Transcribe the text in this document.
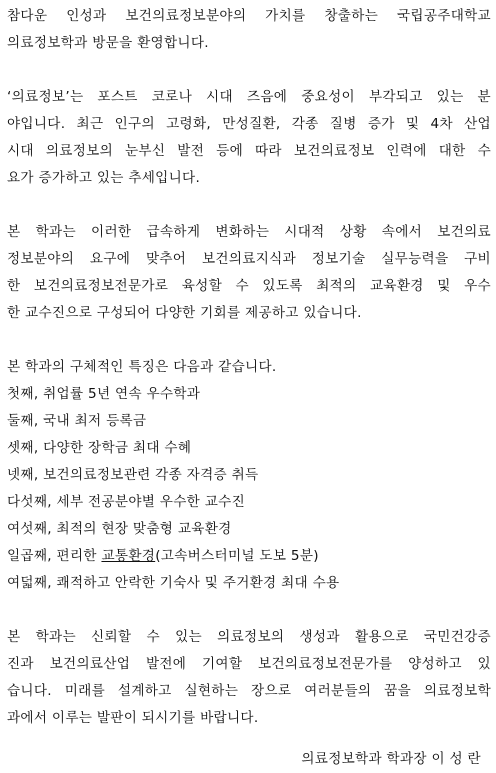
참다운 인성과 보건의료정보분야의 가치를 창출하는 국립공주대학교
의료정보학과 방문을 환영합니다.
‘의료정보’는 포스트 코로나 시대 즈음에 중요성이 부각되고 있는 분
야입니다. 최근 인구의 고령화, 만성질환, 각종 질병 증가 및 4차 산업
시대 의료정보의 눈부신 발전 등에 따라 보건의료정보 인력에 대한 수
요가 증가하고 있는 추세입니다.
본 학과는 이러한 급속하게 변화하는 시대적 상황 속에서 보건의료
정보분야의 요구에 맞추어 보건의료지식과 정보기술 실무능력을 구비
한 보건의료정보전문가로 육성할 수 있도록 최적의 교육환경 및 우수
한 교수진으로 구성되어 다양한 기회를 제공하고 있습니다.
본 학과의 구체적인 특징은 다음과 같습니다.
첫째, 취업률 5년 연속 우수학과
둘째, 국내 최저 등록금
셋째, 다양한 장학금 최대 수혜
넷째, 보건의료정보관련 각종 자격증 취득
다섯째, 세부 전공분야별 우수한 교수진
여섯째, 최적의 현장 맞춤형 교육환경
일곱째, 편리한 교통환경(고속버스터미널 도보 5분)
여덟째, 쾌적하고 안락한 기숙사 및 주거환경 최대 수용
본 학과는 신뢰할 수 있는 의료정보의 생성과 활용으로 국민건강증
진과 보건의료산업 발전에 기여할 보건의료정보전문가를 양성하고 있
습니다. 미래를 설계하고 실현하는 장으로 여러분들의 꿈을 의료정보학
과에서 이루는 발판이 되시기를 바랍니다.
의료정보학과 학과장 이 성 란
